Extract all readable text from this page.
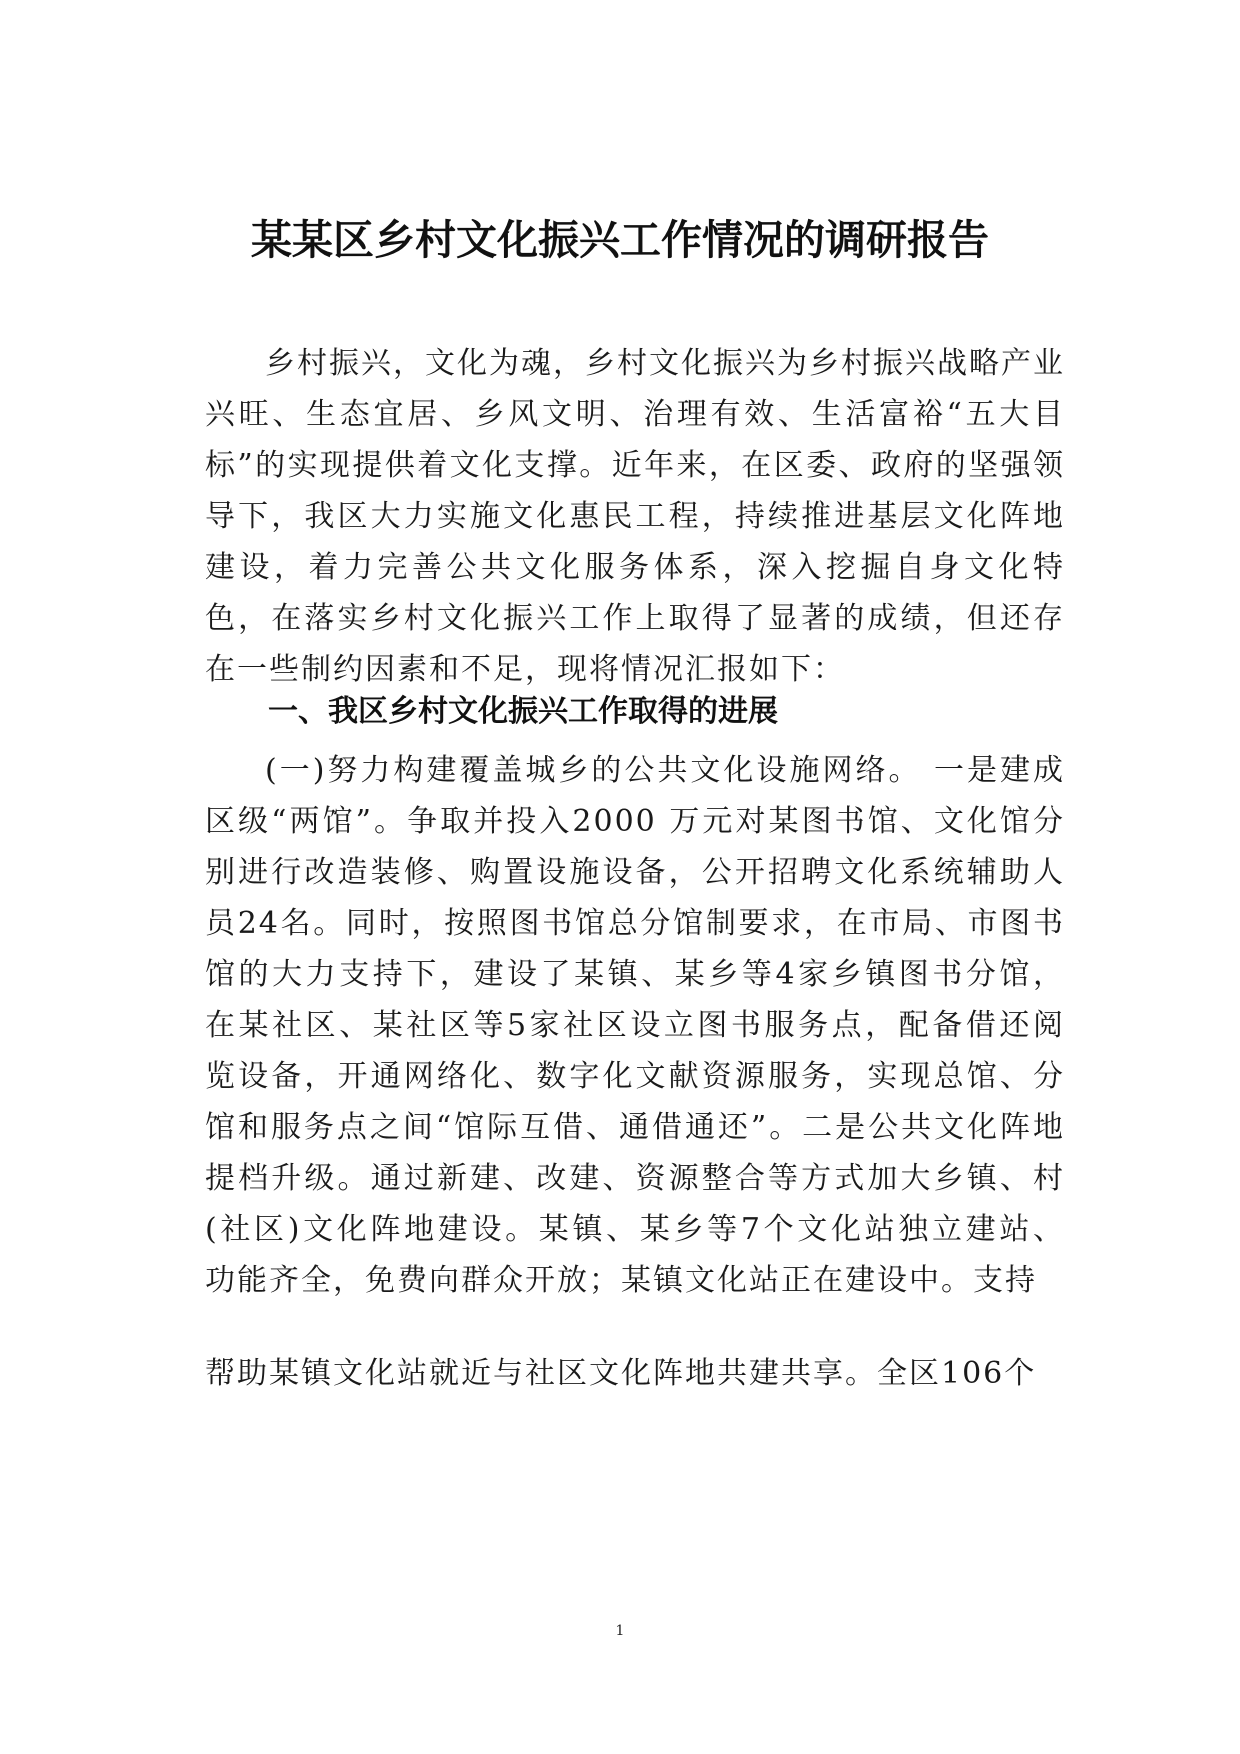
某某区乡村文化振兴工作情况的调研报告

乡村振兴，文化为魂，乡村文化振兴为乡村振兴战略产业兴旺、生态宜居、乡风文明、治理有效、生活富裕“五大目标”的实现提供着文化支撑。近年来，在区委、政府的坚强领导下，我区大力实施文化惠民工程，持续推进基层文化阵地建设，着力完善公共文化服务体系，深入挖掘自身文化特色，在落实乡村文化振兴工作上取得了显著的成绩，但还存在一些制约因素和不足，现将情况汇报如下：

一、我区乡村文化振兴工作取得的进展

(一)努力构建覆盖城乡的公共文化设施网络。 一是建成区级“两馆”。争取并投入2000 万元对某图书馆、文化馆分别进行改造装修、购置设施设备，公开招聘文化系统辅助人员24名。同时，按照图书馆总分馆制要求，在市局、市图书馆的大力支持下，建设了某镇、某乡等4家乡镇图书分馆， 在某社区、某社区等5家社区设立图书服务点，配备借还阅 览设备，开通网络化、数字化文献资源服务，实现总馆、分 馆和服务点之间“馆际互借、通借通还”。二是公共文化阵地 提档升级。通过新建、改建、资源整合等方式加大乡镇、村 (社区)文化阵地建设。某镇、某乡等7个文化站独立建站、 功能齐全，免费向群众开放；某镇文化站正在建设中。支持

帮助某镇文化站就近与社区文化阵地共建共享。全区106个

1
